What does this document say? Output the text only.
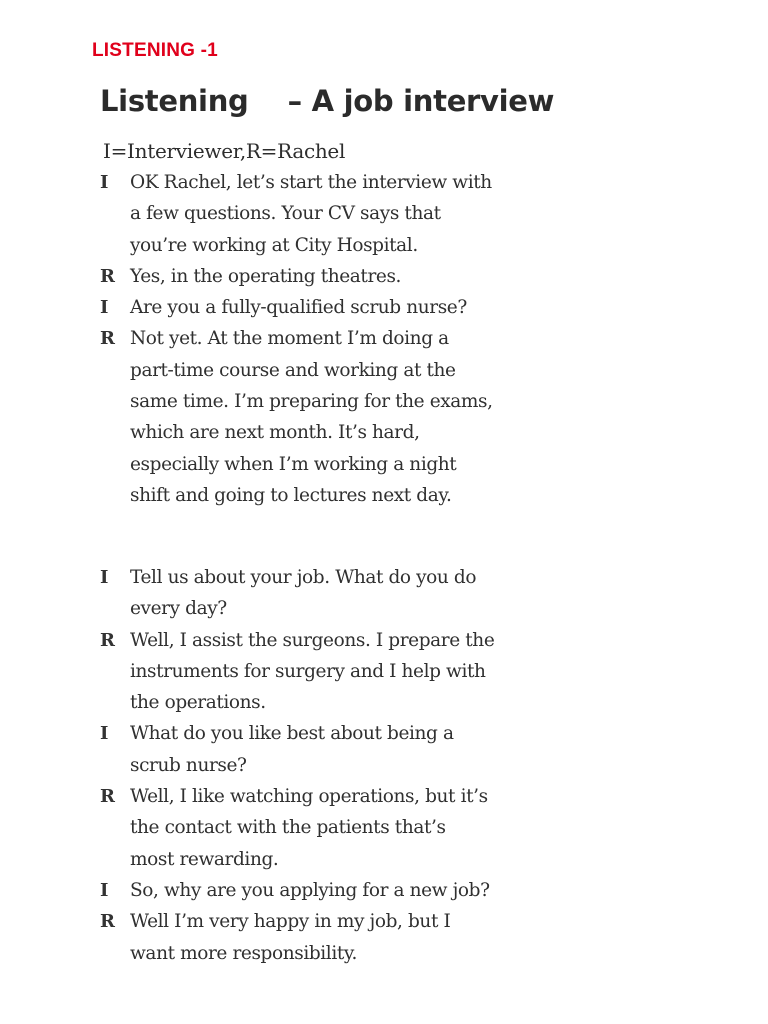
LISTENING -1
Listening    – A job interview
I=Interviewer,R=Rachel
I	OK Rachel, let’s start the interview with
a few questions. Your CV says that
you’re working at City Hospital.
R Yes, in the operating theatres.
I	Are you a fully-qualified scrub nurse?
R Not yet. At the moment I’m doing a
part-time course and working at the
same time. I’m preparing for the exams,
which are next month. It’s hard,
especially when I’m working a night
shift and going to lectures next day.
I	Tell us about your job. What do you do
every day?
R Well, I assist the surgeons. I prepare the
instruments for surgery and I help with
the operations.
I	What do you like best about being a
scrub nurse?
R Well, I like watching operations, but it’s
the contact with the patients that’s
most rewarding.
I	So, why are you applying for a new job?
R Well I’m very happy in my job, but I
want more responsibility.
